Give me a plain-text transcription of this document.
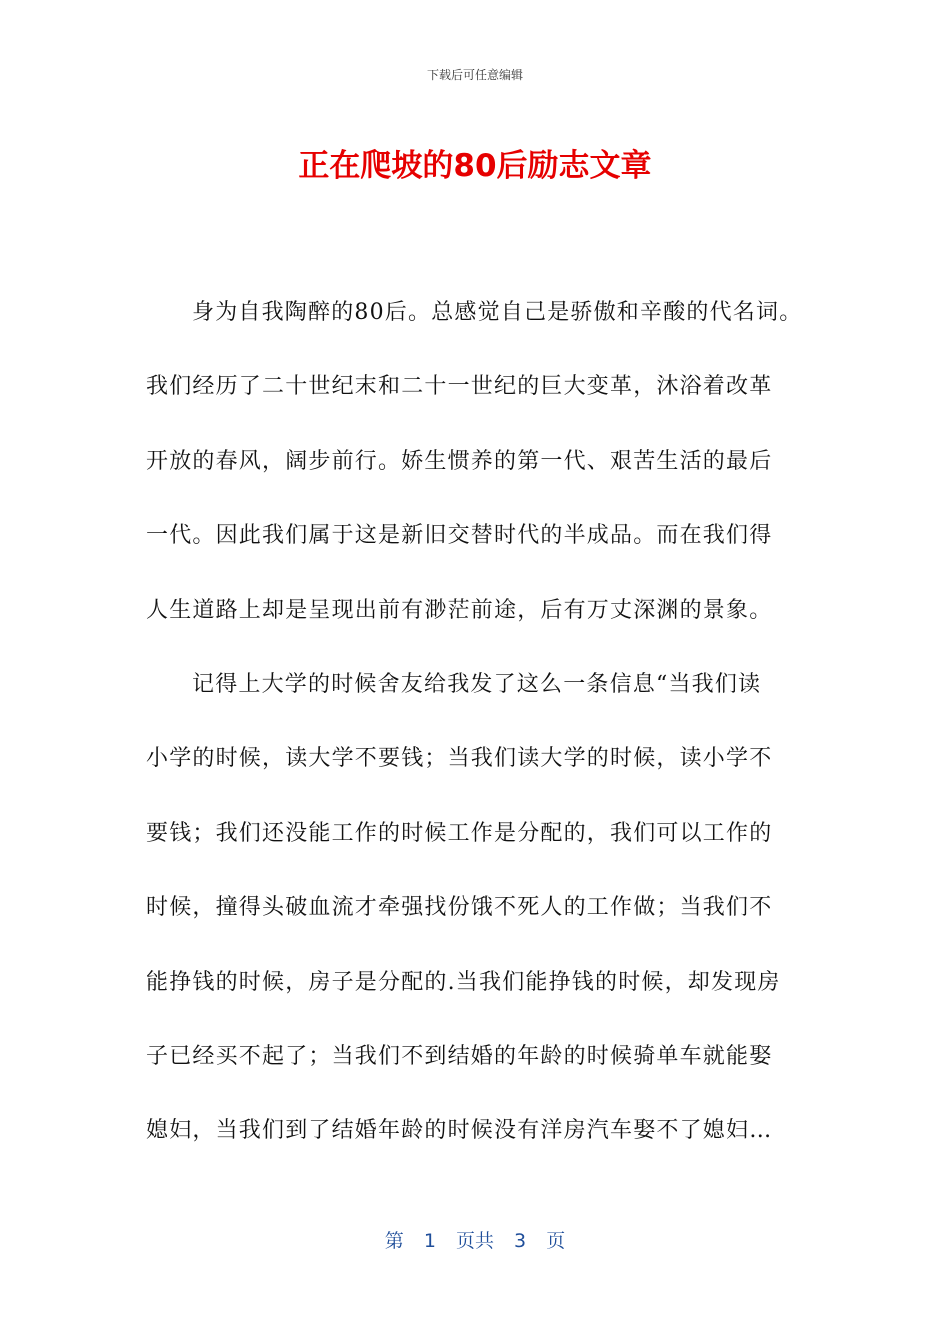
下载后可任意编辑
正在爬坡的80后励志文章
身为自我陶醉的80后。总感觉自己是骄傲和辛酸的代名词。
我们经历了二十世纪末和二十一世纪的巨大变革，沐浴着改革
开放的春风，阔步前行。娇生惯养的第一代、艰苦生活的最后
一代。因此我们属于这是新旧交替时代的半成品。而在我们得
人生道路上却是呈现出前有渺茫前途，后有万丈深渊的景象。
记得上大学的时候舍友给我发了这么一条信息“当我们读
小学的时候，读大学不要钱；当我们读大学的时候，读小学不
要钱；我们还没能工作的时候工作是分配的，我们可以工作的
时候，撞得头破血流才牵强找份饿不死人的工作做；当我们不
能挣钱的时候，房子是分配的.当我们能挣钱的时候，却发现房
子已经买不起了；当我们不到结婚的年龄的时候骑单车就能娶
媳妇，当我们到了结婚年龄的时候没有洋房汽车娶不了媳妇…
第 1 页共 3 页
